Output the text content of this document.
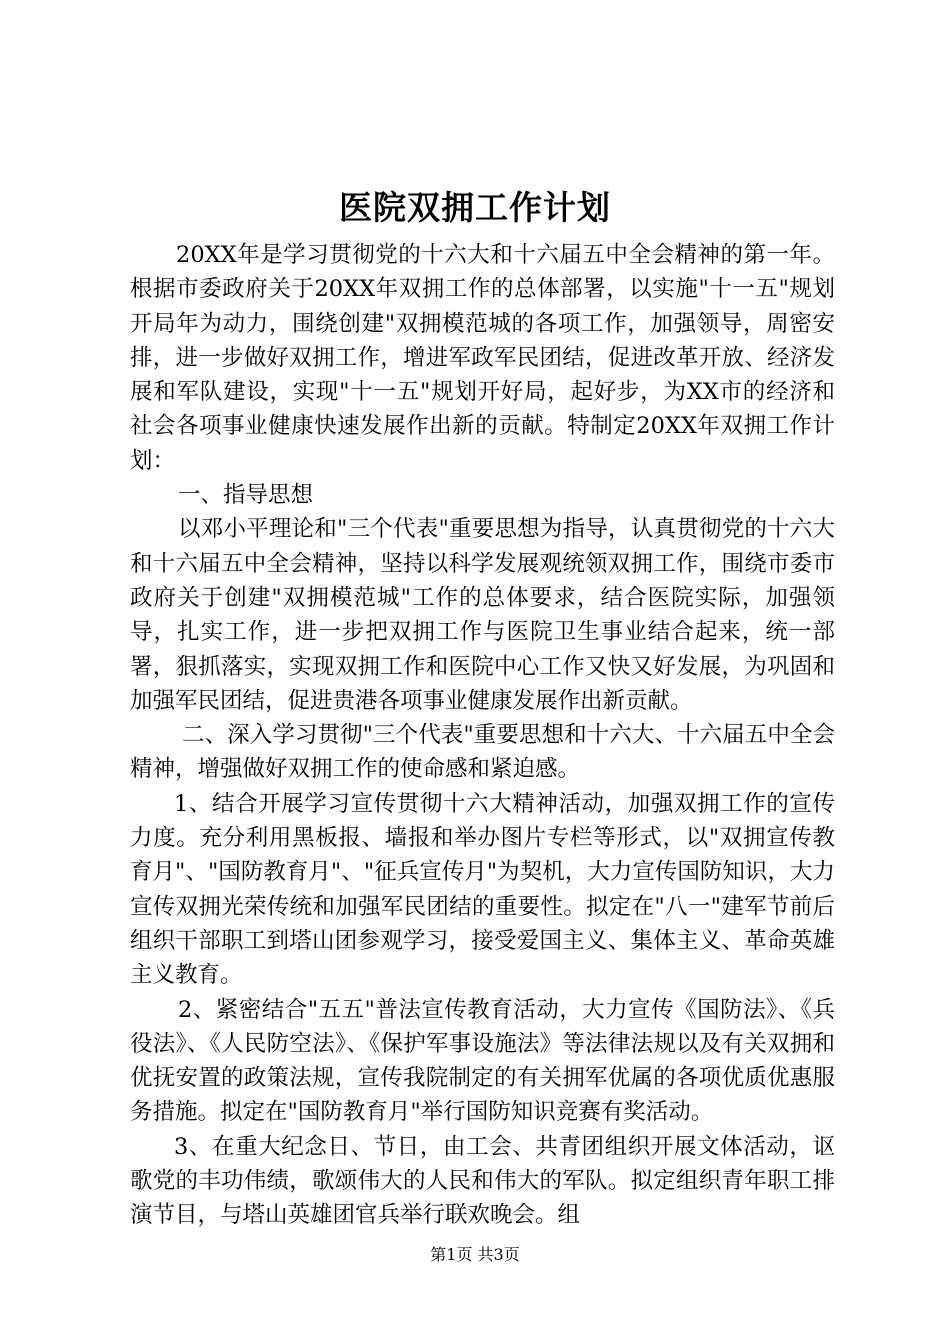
医院双拥工作计划

20XX年是学习贯彻党的十六大和十六届五中全会精神的第一年。根据市委政府关于20XX年双拥工作的总体部署，以实施"十一五"规划开局年为动力，围绕创建"双拥模范城的各项工作，加强领导，周密安排，进一步做好双拥工作，增进军政军民团结，促进改革开放、经济发展和军队建设，实现"十一五"规划开好局，起好步，为XX市的经济和社会各项事业健康快速发展作出新的贡献。特制定20XX年双拥工作计划：

一、指导思想

以邓小平理论和"三个代表"重要思想为指导，认真贯彻党的十六大和十六届五中全会精神，坚持以科学发展观统领双拥工作，围绕市委市政府关于创建"双拥模范城"工作的总体要求，结合医院实际，加强领导，扎实工作，进一步把双拥工作与医院卫生事业结合起来，统一部署，狠抓落实，实现双拥工作和医院中心工作又快又好发展，为巩固和加强军民团结，促进贵港各项事业健康发展作出新贡献。

二、深入学习贯彻"三个代表"重要思想和十六大、十六届五中全会精神，增强做好双拥工作的使命感和紧迫感。

1、结合开展学习宣传贯彻十六大精神活动，加强双拥工作的宣传力度。充分利用黑板报、墙报和举办图片专栏等形式，以"双拥宣传教育月"、"国防教育月"、"征兵宣传月"为契机，大力宣传国防知识，大力宣传双拥光荣传统和加强军民团结的重要性。拟定在"八一"建军节前后组织干部职工到塔山团参观学习，接受爱国主义、集体主义、革命英雄主义教育。

2、紧密结合"五五"普法宣传教育活动，大力宣传《国防法》、《兵役法》、《人民防空法》、《保护军事设施法》等法律法规以及有关双拥和优抚安置的政策法规，宣传我院制定的有关拥军优属的各项优质优惠服务措施。拟定在"国防教育月"举行国防知识竞赛有奖活动。

3、在重大纪念日、节日，由工会、共青团组织开展文体活动，讴歌党的丰功伟绩，歌颂伟大的人民和伟大的军队。拟定组织青年职工排演节目，与塔山英雄团官兵举行联欢晚会。组

第1页 共3页
